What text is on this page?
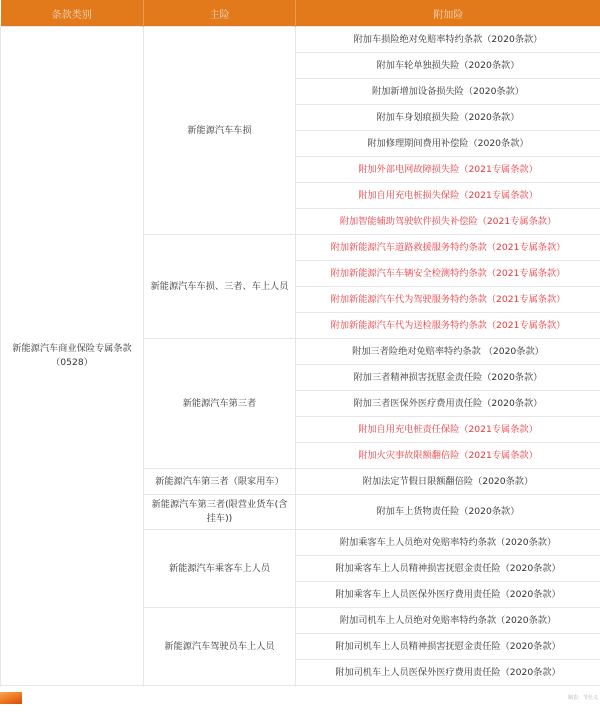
条款类别	主险	附加险
新能源汽车商业保险专属条款（0528）	新能源汽车车损	附加车损险绝对免赔率特约条款（2020条款）
		附加车轮单独损失险（2020条款）
		附加新增加设备损失险（2020条款）
		附加车身划痕损失险（2020条款）
		附加修理期间费用补偿险（2020条款）
		附加外部电网故障损失险（2021专属条款）
		附加自用充电桩损失保险（2021专属条款）
		附加智能辅助驾驶软件损失补偿险（2021专属条款）
	新能源汽车车损、三者、车上人员	附加新能源汽车道路救援服务特约条款（2021专属条款）
		附加新能源汽车车辆安全检测特约条款（2021专属条款）
		附加新能源汽车代为驾驶服务特约条款（2021专属条款）
		附加新能源汽车代为送检服务特约条款（2021专属条款）
	新能源汽车第三者	附加三者险绝对免赔率特约条款 （2020条款）
		附加三者精神损害抚慰金责任险（2020条款）
		附加三者医保外医疗费用责任险（2020条款）
		附加自用充电桩责任保险（2021专属条款）
		附加火灾事故限额翻倍险（2021专属条款）
	新能源汽车第三者（限家用车）	附加法定节假日限额翻倍险（2020条款）
	新能源汽车第三者(限营业货车(含挂车))	附加车上货物责任险（2020条款）
	新能源汽车乘客车上人员	附加乘客车上人员绝对免赔率特约条款（2020条款）
		附加乘客车上人员精神损害抚慰金责任险（2020条款）
		附加乘客车上人员医保外医疗费用责任险（2020条款）
	新能源汽车驾驶员车上人员	附加司机车上人员绝对免赔率特约条款（2020条款）
		附加司机车上人员精神损害抚慰金责任险（2020条款）
		附加司机车上人员医保外医疗费用责任险（2020条款）
制表：节仕义
